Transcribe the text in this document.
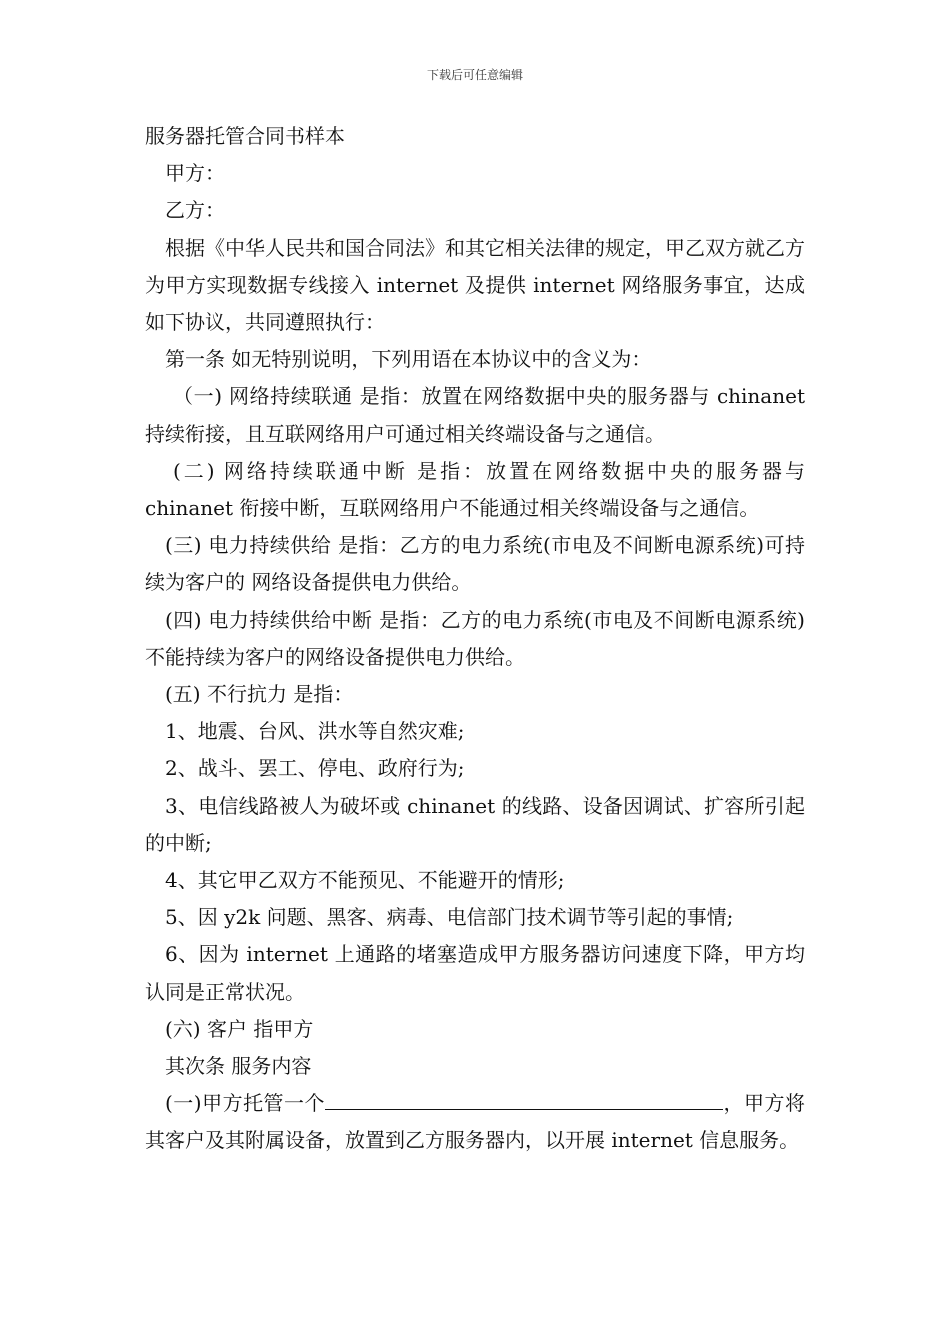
下载后可任意编辑

服务器托管合同书样本

甲方：

乙方：

根据《中华人民共和国合同法》和其它相关法律的规定，甲乙双方就乙方为甲方实现数据专线接入 internet 及提供 internet 网络服务事宜，达成如下协议，共同遵照执行：

第一条 如无特别说明，下列用语在本协议中的含义为：

（一) 网络持续联通 是指：放置在网络数据中央的服务器与 chinanet 持续衔接，且互联网络用户可通过相关终端设备与之通信。

(二) 网络持续联通中断 是指：放置在网络数据中央的服务器与 chinanet 衔接中断，互联网络用户不能通过相关终端设备与之通信。

(三) 电力持续供给 是指：乙方的电力系统(市电及不间断电源系统)可持续为客户的 网络设备提供电力供给。

(四) 电力持续供给中断 是指：乙方的电力系统(市电及不间断电源系统)不能持续为客户的网络设备提供电力供给。

(五) 不行抗力 是指：

1、地震、台风、洪水等自然灾难;

2、战斗、罢工、停电、政府行为;

3、电信线路被人为破坏或 chinanet 的线路、设备因调试、扩容所引起的中断;

4、其它甲乙双方不能预见、不能避开的情形;

5、因 y2k 问题、黑客、病毒、电信部门技术调节等引起的事情;

6、因为 internet 上通路的堵塞造成甲方服务器访问速度下降，甲方均认同是正常状况。

(六) 客户 指甲方

其次条 服务内容

(一)甲方托管一个	，甲方将其客户及其附属设备，放置到乙方服务器内，以开展 internet 信息服务。
